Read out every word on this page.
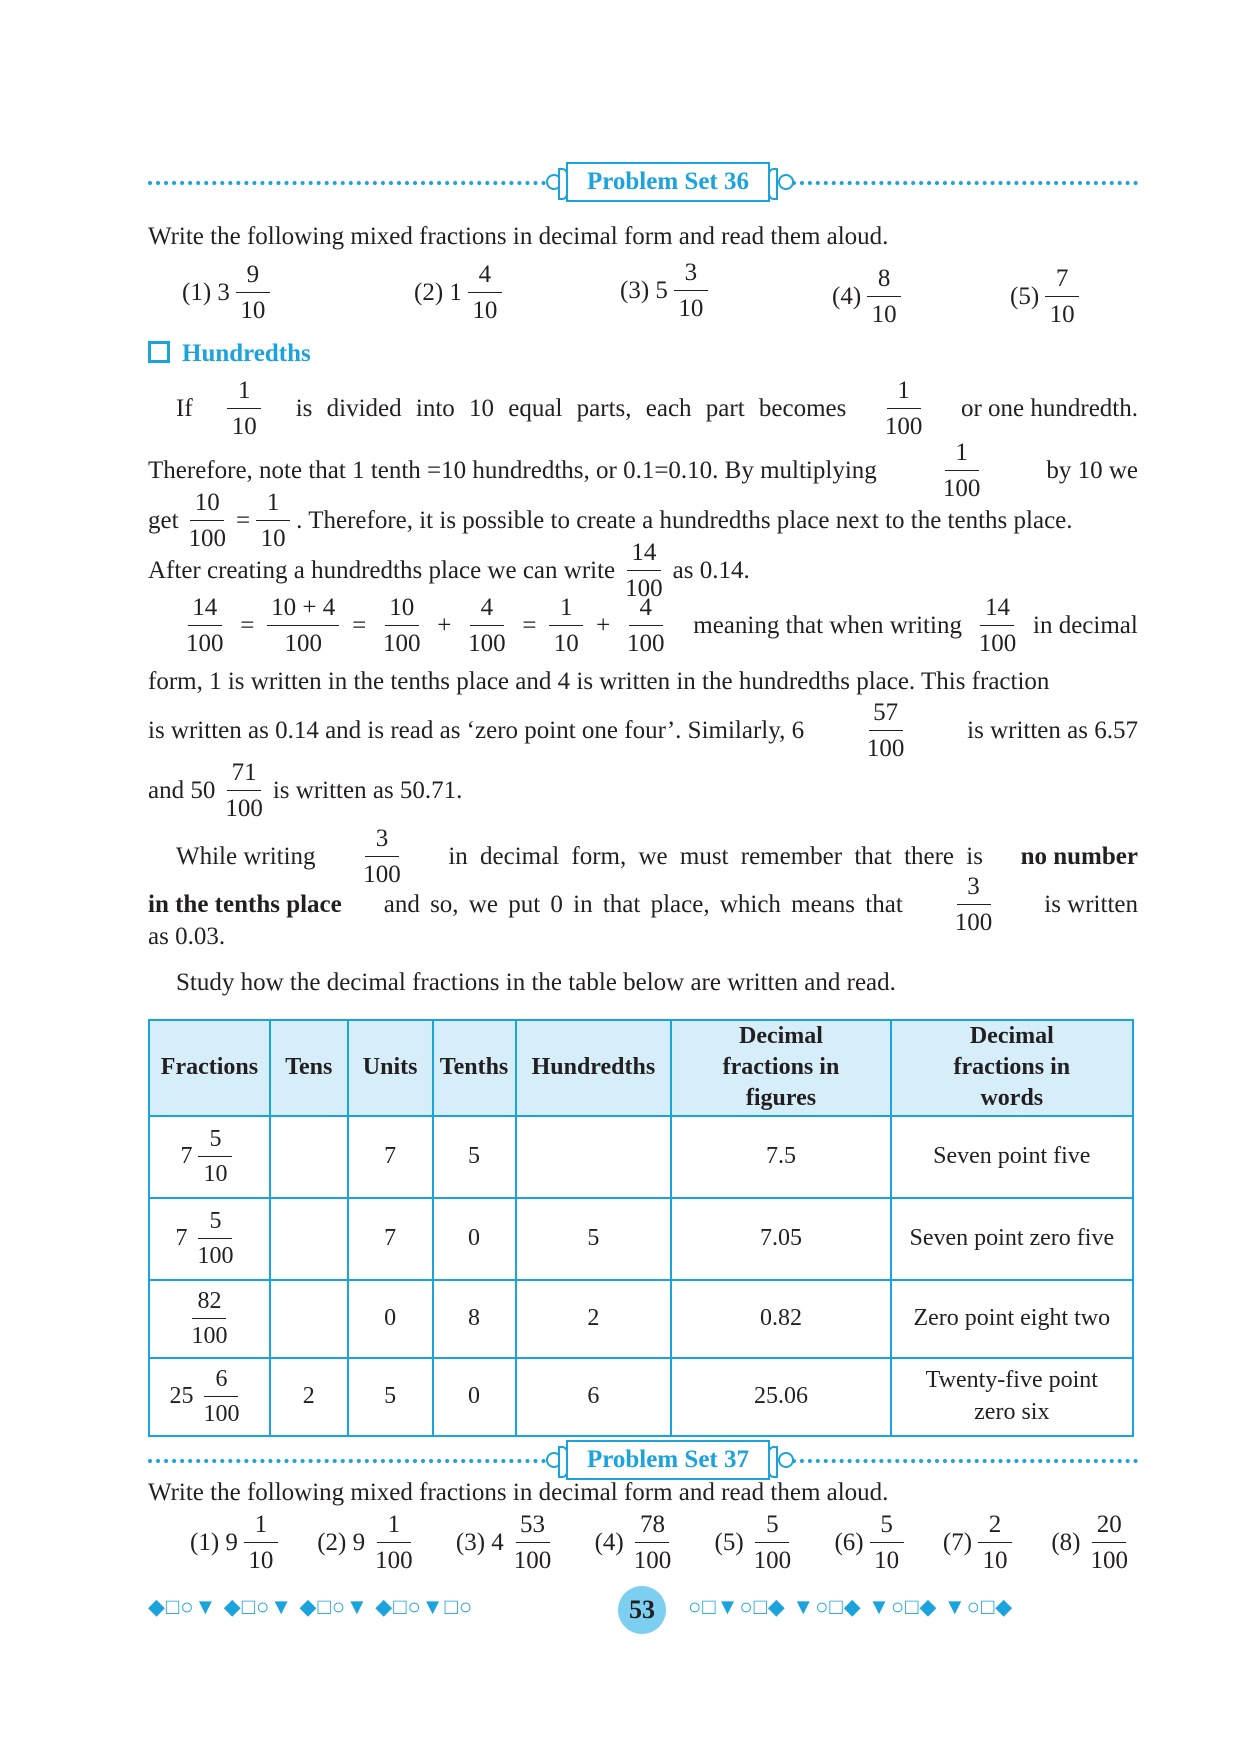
Problem Set 36
Write the following mixed fractions in decimal form and read them aloud.
(1) $3 \frac{9}{10}$	(2) $1 \frac{4}{10}$	(3) $5 \frac{3}{10}$	$(4) \frac{8}{10}$	$(5) \frac{7}{10}$
Hundredths
If $\frac{1}{10}$ is divided into 10 equal parts, each part becomes $\frac{1}{100}$ or one hundredth.
Therefore, note that 1 tenth =10 hundredths, or 0.1=0.10. By multiplying $\frac{1}{100}$ by 10 we
get $\frac{10}{100} = \frac{1}{10}$ . Therefore, it is possible to create a hundredths place next to the tenths place.
After creating a hundredths place we can write $\frac{14}{100}$ as 0.14.
$\frac{14}{100} = \frac{10 + 4}{100} = \frac{10}{100} + \frac{4}{100} = \frac{1}{10} + \frac{4}{100}$ meaning that when writing $\frac{14}{100}$ in decimal
form, 1 is written in the tenths place and 4 is written in the hundredths place. This fraction
is written as 0.14 and is read as ‘zero point one four’. Similarly, $6 \frac{57}{100}$ is written as 6.57
and $50 \frac{71}{100}$ is written as 50.71.
While writing $\frac{3}{100}$ in decimal form, we must remember that there is no number
in the tenths place and so, we put 0 in that place, which means that $\frac{3}{100}$ is written
as 0.03.
Study how the decimal fractions in the table below are written and read.
Fractions	Tens	Units	Tenths	Hundredths	Decimal fractions in figures	Decimal fractions in words

$7 \frac{5}{10}$		7	5		7.5	Seven point five

$7 \frac{5}{100}$		7	0	5	7.05	Seven point zero five

$\frac{82}{100}$		0	8	2	0.82	Zero point eight two

$25 \frac{6}{100}$	2	5	0	6	25.06	Twenty-five point zero six
Problem Set 37
Write the following mixed fractions in decimal form and read them aloud.
(1) $9 \frac{1}{10} (2)$ $9 \frac{1}{100} (3)$ $4 \frac{53}{100} (4) \frac{78}{100} (5) \frac{5}{100} (6) \frac{5}{10} (7) \frac{2}{10} (8) \frac{20}{100}$
◆□○▼ ◆□○▼ ◆□○▼ ◆□○▼□○	53	○□▼○□◆ ▼○□◆ ▼○□◆ ▼○□◆
